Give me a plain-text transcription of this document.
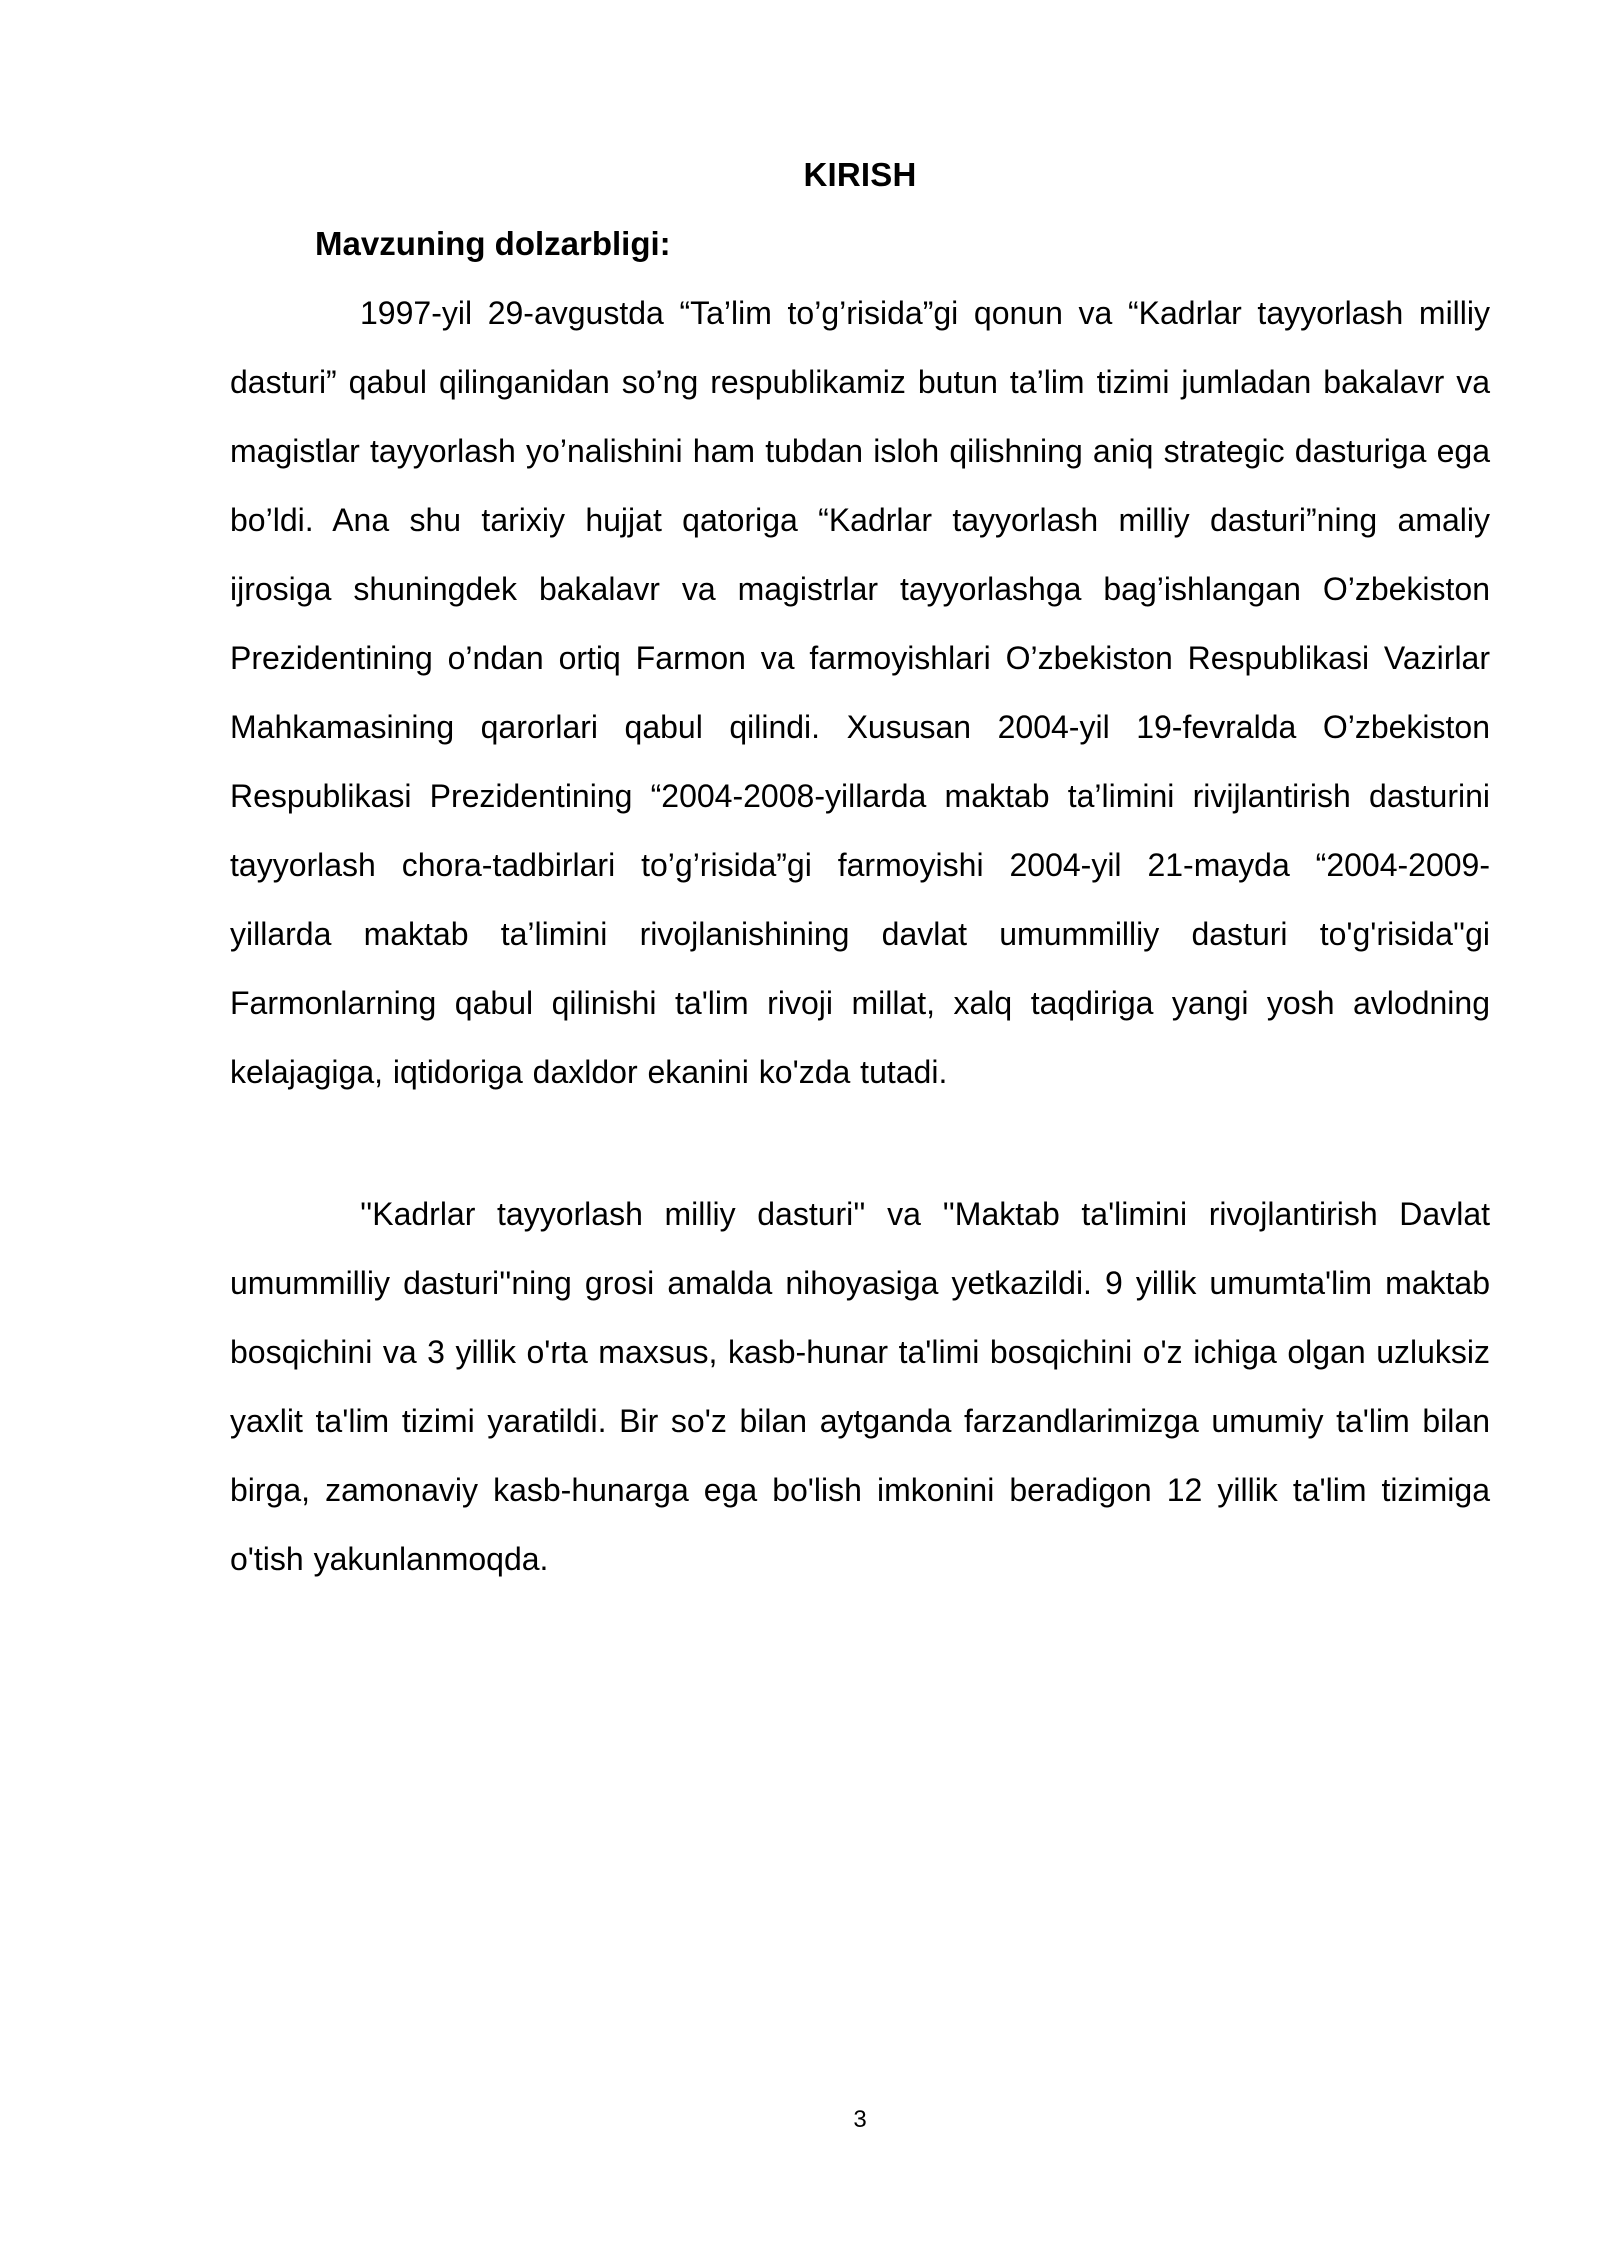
KIRISH
Mavzuning dolzarbligi:

1997-yil 29-avgustda “Ta’lim to’g’risida”gi qonun va “Kadrlar tayyorlash milliy dasturi” qabul qilinganidan so’ng respublikamiz butun ta’lim tizimi jumladan bakalavr va magistlar tayyorlash yo’nalishini ham tubdan isloh qilishning aniq strategic dasturiga ega bo’ldi. Ana shu tarixiy hujjat qatoriga “Kadrlar tayyorlash milliy dasturi”ning amaliy ijrosiga shuningdek bakalavr va magistrlar tayyorlashga bag’ishlangan O’zbekiston Prezidentining o’ndan ortiq Farmon va farmoyishlari O’zbekiston Respublikasi Vazirlar Mahkamasining qarorlari qabul qilindi. Xususan 2004-yil 19-fevralda O’zbekiston Respublikasi Prezidentining “2004-2008-yillarda maktab ta’limini rivijlantirish dasturini tayyorlash chora-tadbirlari to’g’risida”gi farmoyishi 2004-yil 21-mayda “2004-2009-yillarda maktab ta’limini rivojlanishining davlat umummilliy dasturi to'g'risida''gi Farmonlarning qabul qilinishi ta'lim rivoji millat, xalq taqdiriga yangi yosh avlodning kelajagiga, iqtidoriga daxldor ekanini ko'zda tutadi.

''Kadrlar tayyorlash milliy dasturi'' va ''Maktab ta'limini rivojlantirish Davlat umummilliy dasturi''ning grosi amalda nihoyasiga yetkazildi. 9 yillik umumta'lim maktab bosqichini va 3 yillik o'rta maxsus, kasb-hunar ta'limi bosqichini o'z ichiga olgan uzluksiz yaxlit ta'lim tizimi yaratildi. Bir so'z bilan aytganda farzandlarimizga umumiy ta'lim bilan birga, zamonaviy kasb-hunarga ega bo'lish imkonini beradigon 12 yillik ta'lim tizimiga o'tish yakunlanmoqda.

3
